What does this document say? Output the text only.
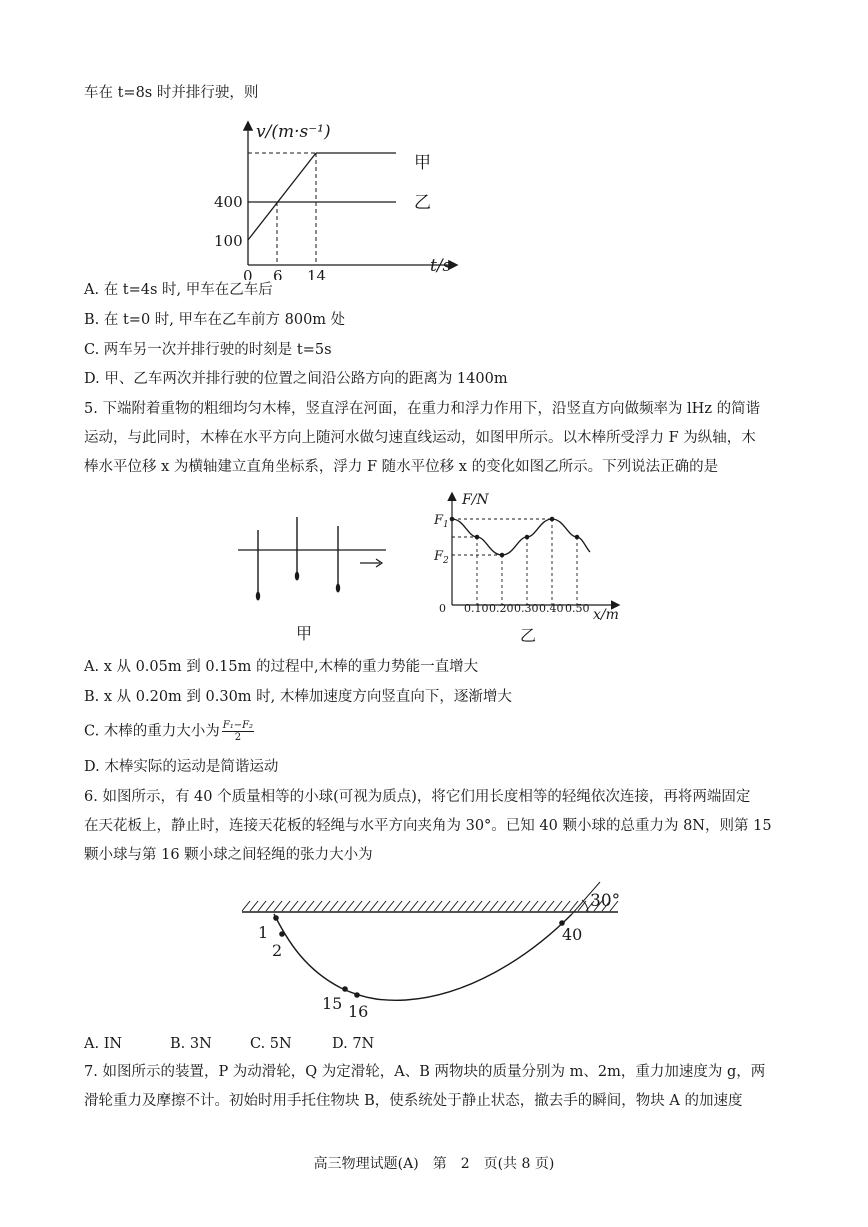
车在 t=8s 时并排行驶，则
v/(m·s⁻¹)
t/s
400
100
0 6 14
甲
乙
A. 在 t=4s 时, 甲车在乙车后
B. 在 t=0 时, 甲车在乙车前方 800m 处
C. 两车另一次并排行驶的时刻是 t=5s
D. 甲、乙车两次并排行驶的位置之间沿公路方向的距离为 1400m
5. 下端附着重物的粗细均匀木棒，竖直浮在河面，在重力和浮力作用下，沿竖直方向做频率为 lHz 的简谐
运动，与此同时，木棒在水平方向上随河水做匀速直线运动，如图甲所示。以木棒所受浮力 F 为纵轴，木
棒水平位移 x 为横轴建立直角坐标系，浮力 F 随水平位移 x 的变化如图乙所示。下列说法正确的是
甲
F/N
x/m
$F_1$
$F_2$
0 0.10 0.20 0.30 0.40 0.50
乙
A. x 从 0.05m 到 0.15m 的过程中,木棒的重力势能一直增大
B. x 从 0.20m 到 0.30m 时, 木棒加速度方向竖直向下，逐渐增大
C. 木棒的重力大小为 $\frac{\text{F₁−F₂}}{2}$
D. 木棒实际的运动是简谐运动
6. 如图所示，有 40 个质量相等的小球(可视为质点)，将它们用长度相等的轻绳依次连接，再将两端固定
在天花板上，静止时，连接天花板的轻绳与水平方向夹角为 30°。已知 40 颗小球的总重力为 8N，则第 15
颗小球与第 16 颗小球之间轻绳的张力大小为
30°
1
2
15 16
40
A. IN	B. 3N	C. 5N	D. 7N
7. 如图所示的装置，P 为动滑轮，Q 为定滑轮，A、B 两物块的质量分别为 m、2m，重力加速度为 g，两
滑轮重力及摩擦不计。初始时用手托住物块 B，使系统处于静止状态，撤去手的瞬间，物块 A 的加速度
高三物理试题(A)　第　2　页(共 8 页)
